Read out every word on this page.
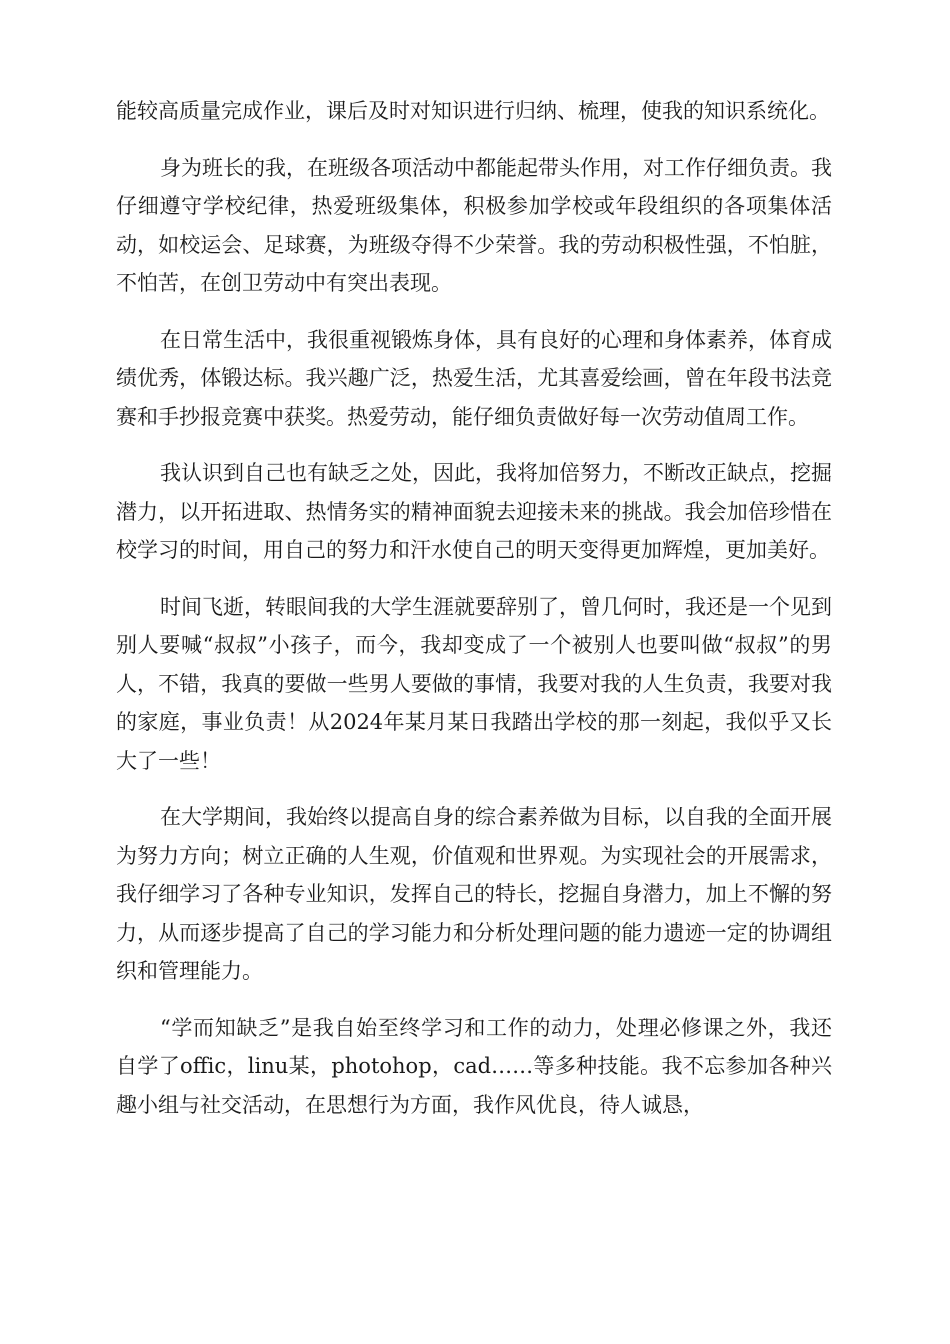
能较高质量完成作业，课后及时对知识进行归纳、梳理，使我的知识系统化。

身为班长的我，在班级各项活动中都能起带头作用，对工作仔细负责。我仔细遵守学校纪律，热爱班级集体，积极参加学校或年段组织的各项集体活动，如校运会、足球赛，为班级夺得不少荣誉。我的劳动积极性强，不怕脏，不怕苦，在创卫劳动中有突出表现。

在日常生活中，我很重视锻炼身体，具有良好的心理和身体素养，体育成绩优秀，体锻达标。我兴趣广泛，热爱生活，尤其喜爱绘画，曾在年段书法竞赛和手抄报竞赛中获奖。热爱劳动，能仔细负责做好每一次劳动值周工作。

我认识到自己也有缺乏之处，因此，我将加倍努力，不断改正缺点，挖掘潜力，以开拓进取、热情务实的精神面貌去迎接未来的挑战。我会加倍珍惜在校学习的时间，用自己的努力和汗水使自己的明天变得更加辉煌，更加美好。

时间飞逝，转眼间我的大学生涯就要辞别了，曾几何时，我还是一个见到别人要喊“叔叔”小孩子，而今，我却变成了一个被别人也要叫做“叔叔”的男人，不错，我真的要做一些男人要做的事情，我要对我的人生负责，我要对我的家庭，事业负责！从2024年某月某日我踏出学校的那一刻起，我似乎又长大了一些！

在大学期间，我始终以提高自身的综合素养做为目标，以自我的全面开展为努力方向；树立正确的人生观，价值观和世界观。为实现社会的开展需求，我仔细学习了各种专业知识，发挥自己的特长，挖掘自身潜力，加上不懈的努力，从而逐步提高了自己的学习能力和分析处理问题的能力遗迹一定的协调组织和管理能力。

“学而知缺乏”是我自始至终学习和工作的动力，处理必修课之外，我还自学了offic，linu某，photohop，cad……等多种技能。我不忘参加各种兴趣小组与社交活动，在思想行为方面，我作风优良，待人诚恳，
